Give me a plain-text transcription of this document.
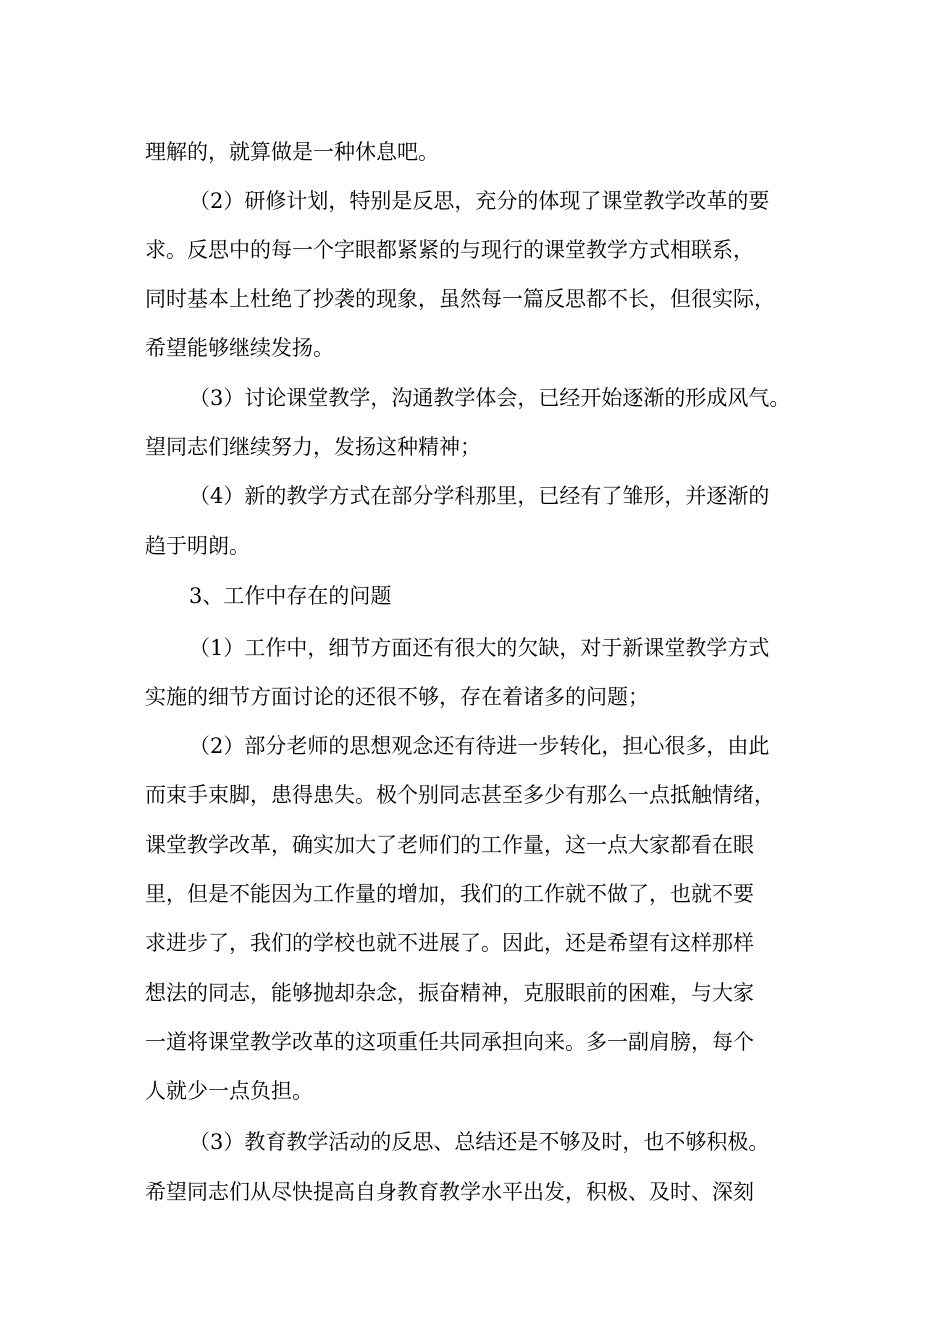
理解的，就算做是一种休息吧。
（2）研修计划，特别是反思，充分的体现了课堂教学改革的要
求。反思中的每一个字眼都紧紧的与现行的课堂教学方式相联系，
同时基本上杜绝了抄袭的现象，虽然每一篇反思都不长，但很实际，
希望能够继续发扬。
（3）讨论课堂教学，沟通教学体会，已经开始逐渐的形成风气。
望同志们继续努力，发扬这种精神；
（4）新的教学方式在部分学科那里，已经有了雏形，并逐渐的
趋于明朗。
3、工作中存在的问题
（1）工作中，细节方面还有很大的欠缺，对于新课堂教学方式
实施的细节方面讨论的还很不够，存在着诸多的问题；
（2）部分老师的思想观念还有待进一步转化，担心很多，由此
而束手束脚，患得患失。极个别同志甚至多少有那么一点抵触情绪，
课堂教学改革，确实加大了老师们的工作量，这一点大家都看在眼
里，但是不能因为工作量的增加，我们的工作就不做了，也就不要
求进步了，我们的学校也就不进展了。因此，还是希望有这样那样
想法的同志，能够抛却杂念，振奋精神，克服眼前的困难，与大家
一道将课堂教学改革的这项重任共同承担向来。多一副肩膀，每个
人就少一点负担。
（3）教育教学活动的反思、总结还是不够及时，也不够积极。
希望同志们从尽快提高自身教育教学水平出发，积极、及时、深刻
